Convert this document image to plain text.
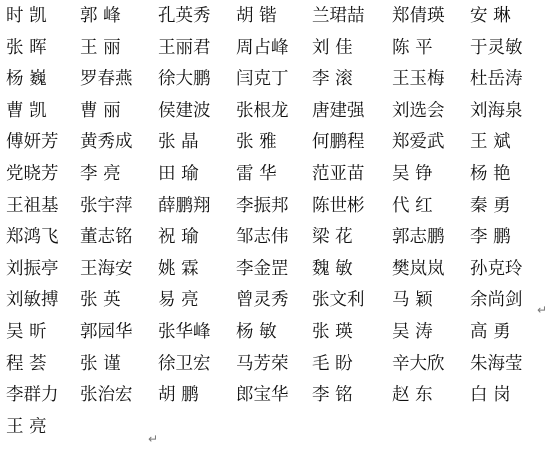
时 凯	郭 峰	孔英秀	胡 锴	兰珺喆	郑倩瑛	安 琳
张 晖	王 丽	王丽君	周占峰	刘 佳	陈 平	于灵敏
杨 巍	罗春燕	徐大鹏	闫克丁	李 滚	王玉梅	杜岳涛
曹 凯	曹 丽	侯建波	张根龙	唐建强	刘选会	刘海泉
傅妍芳	黄秀成	张 晶	张 雅	何鹏程	郑爱武	王 斌
党晓芳	李 亮	田 瑜	雷 华	范亚苗	吴 铮	杨 艳
王祖基	张宇萍	薛鹏翔	李振邦	陈世彬	代 红	秦 勇
郑鸿飞	董志铭	祝 瑜	邹志伟	梁 花	郭志鹏	李 鹏
刘振亭	王海安	姚 霖	李金罡	魏 敏	樊岚岚	孙克玲
刘敏搏	张 英	易 亮	曾灵秀	张文利	马 颖	余尚剑
吴 昕	郭园华	张华峰	杨 敏	张 瑛	吴 涛	高 勇
程 荟	张 谨	徐卫宏	马芳荣	毛 盼	辛大欣	朱海莹
李群力	张治宏	胡 鹏	郎宝华	李 铭	赵 东	白 岗
王 亮
↵
↵
